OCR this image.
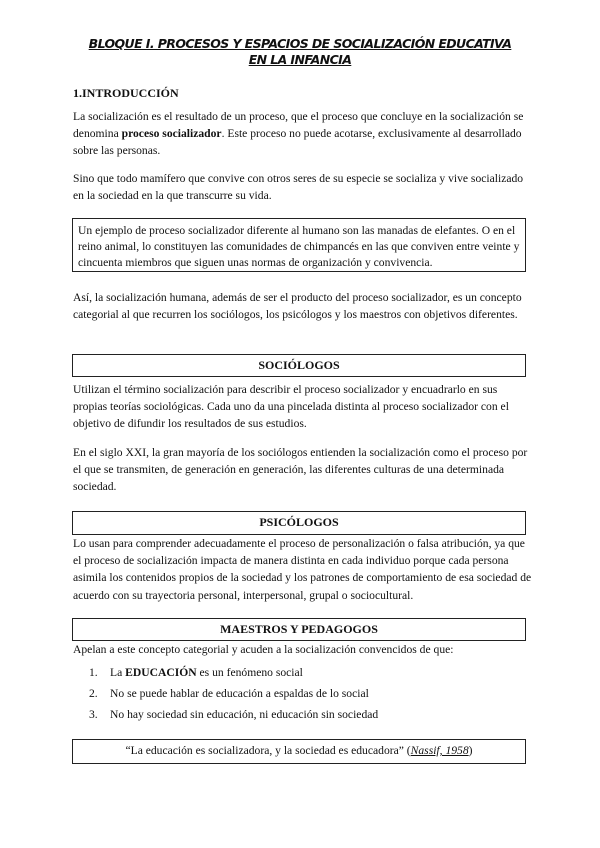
BLOQUE I. PROCESOS Y ESPACIOS DE SOCIALIZACIÓN EDUCATIVA
EN LA INFANCIA
1.INTRODUCCIÓN
La socialización es el resultado de un proceso, que el proceso que concluye en la socialización se denomina proceso socializador. Este proceso no puede acotarse, exclusivamente al desarrollado sobre las personas.
Sino que todo mamífero que convive con otros seres de su especie se socializa y vive socializado en la sociedad en la que transcurre su vida.
Un ejemplo de proceso socializador diferente al humano son las manadas de elefantes. O en el reino animal, lo constituyen las comunidades de chimpancés en las que conviven entre veinte y cincuenta miembros que siguen unas normas de organización y convivencia.
Así, la socialización humana, además de ser el producto del proceso socializador, es un concepto categorial al que recurren los sociólogos, los psicólogos y los maestros con objetivos diferentes.
SOCIÓLOGOS
Utilizan el término socialización para describir el proceso socializador y encuadrarlo en sus propias teorías sociológicas. Cada uno da una pincelada distinta al proceso socializador con el objetivo de difundir los resultados de sus estudios.
En el siglo XXI, la gran mayoría de los sociólogos entienden la socialización como el proceso por el que se transmiten, de generación en generación, las diferentes culturas de una determinada sociedad.
PSICÓLOGOS
Lo usan para comprender adecuadamente el proceso de personalización o falsa atribución, ya que el proceso de socialización impacta de manera distinta en cada individuo porque cada persona asimila los contenidos propios de la sociedad y los patrones de comportamiento de esa sociedad de acuerdo con su trayectoria personal, interpersonal, grupal o sociocultural.
MAESTROS Y PEDAGOGOS
Apelan a este concepto categorial y acuden a la socialización convencidos de que:
1. La EDUCACIÓN es un fenómeno social
2. No se puede hablar de educación a espaldas de lo social
3. No hay sociedad sin educación, ni educación sin sociedad
“La educación es socializadora, y la sociedad es educadora” (Nassif, 1958)
